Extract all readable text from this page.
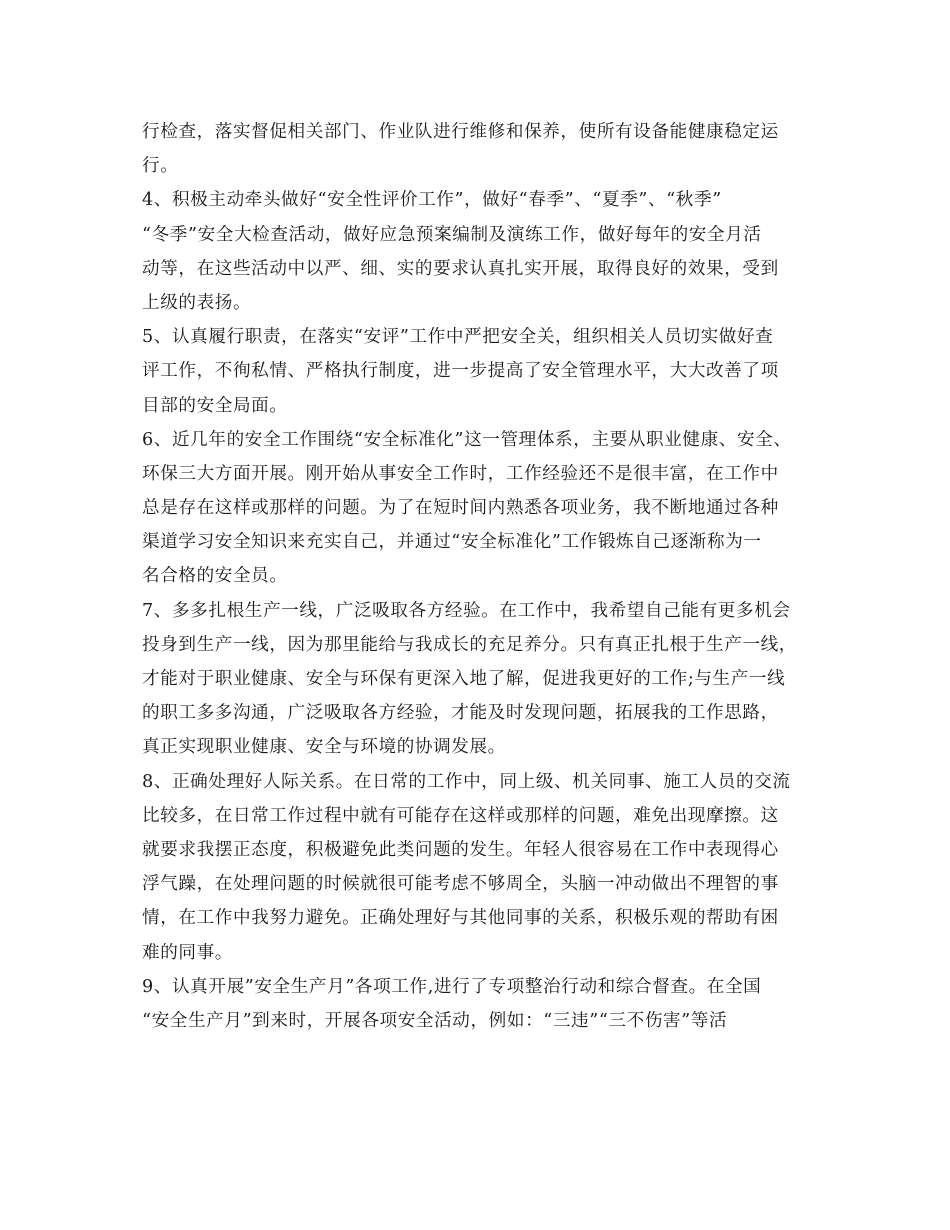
行检查，落实督促相关部门、作业队进行维修和保养，使所有设备能健康稳定运
行。
4、积极主动牵头做好“安全性评价工作”，做好“春季”、“夏季”、“秋季”
“冬季”安全大检查活动，做好应急预案编制及演练工作，做好每年的安全月活
动等，在这些活动中以严、细、实的要求认真扎实开展，取得良好的效果，受到
上级的表扬。
5、认真履行职责，在落实“安评”工作中严把安全关，组织相关人员切实做好查
评工作，不徇私情、严格执行制度，进一步提高了安全管理水平，大大改善了项
目部的安全局面。
6、近几年的安全工作围绕“安全标准化”这一管理体系，主要从职业健康、安全、
环保三大方面开展。刚开始从事安全工作时，工作经验还不是很丰富，在工作中
总是存在这样或那样的问题。为了在短时间内熟悉各项业务，我不断地通过各种
渠道学习安全知识来充实自己，并通过“安全标准化”工作锻炼自己逐渐称为一
名合格的安全员。
7、多多扎根生产一线，广泛吸取各方经验。在工作中，我希望自己能有更多机会
投身到生产一线，因为那里能给与我成长的充足养分。只有真正扎根于生产一线，
才能对于职业健康、安全与环保有更深入地了解，促进我更好的工作;与生产一线
的职工多多沟通，广泛吸取各方经验，才能及时发现问题，拓展我的工作思路，
真正实现职业健康、安全与环境的协调发展。
8、正确处理好人际关系。在日常的工作中，同上级、机关同事、施工人员的交流
比较多，在日常工作过程中就有可能存在这样或那样的问题，难免出现摩擦。这
就要求我摆正态度，积极避免此类问题的发生。年轻人很容易在工作中表现得心
浮气躁，在处理问题的时候就很可能考虑不够周全，头脑一冲动做出不理智的事
情，在工作中我努力避免。正确处理好与其他同事的关系，积极乐观的帮助有困
难的同事。
9、认真开展”安全生产月”各项工作,进行了专项整治行动和综合督查。在全国
“安全生产月”到来时，开展各项安全活动，例如：“三违”“三不伤害”等活
